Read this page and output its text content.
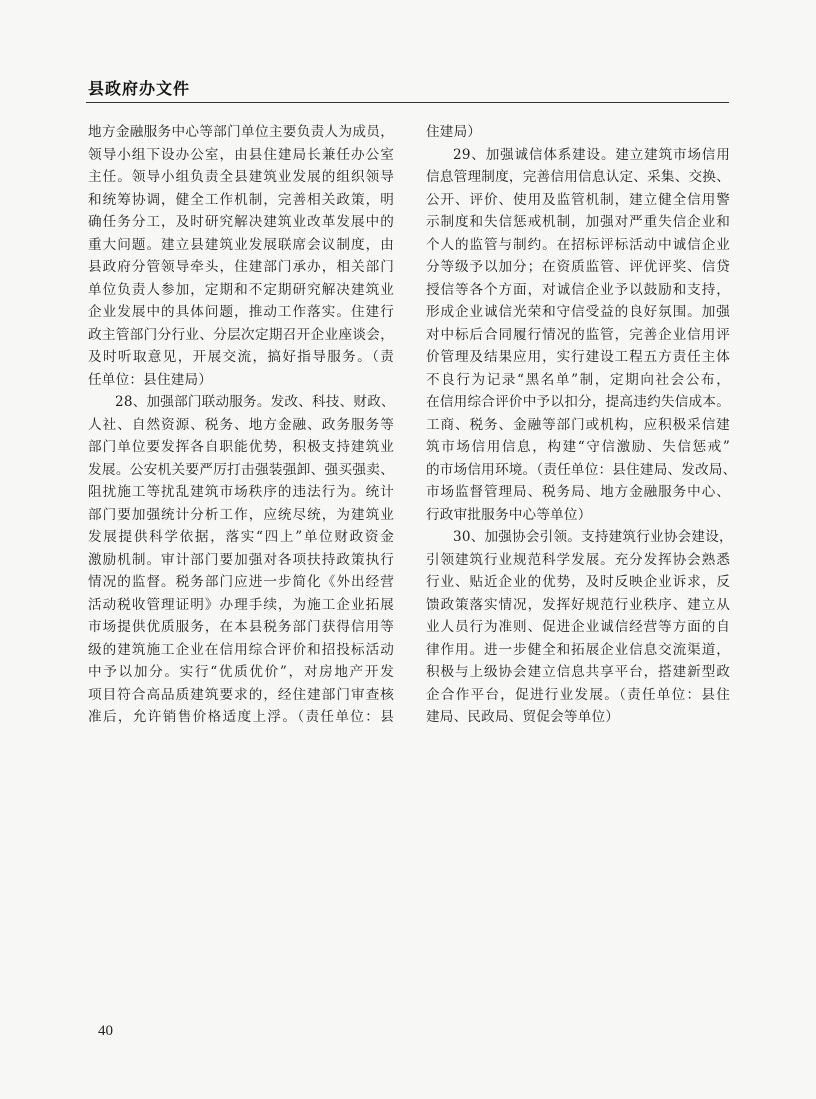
县政府办文件
地方金融服务中心等部门单位主要负责人为成员，
领导小组下设办公室，由县住建局长兼任办公室
主任。领导小组负责全县建筑业发展的组织领导
和统筹协调，健全工作机制，完善相关政策，明
确任务分工，及时研究解决建筑业改革发展中的
重大问题。建立县建筑业发展联席会议制度，由
县政府分管领导牵头，住建部门承办，相关部门
单位负责人参加，定期和不定期研究解决建筑业
企业发展中的具体问题，推动工作落实。住建行
政主管部门分行业、分层次定期召开企业座谈会，
及时听取意见，开展交流，搞好指导服务。（责
任单位：县住建局）
28、加强部门联动服务。发改、科技、财政、
人社、自然资源、税务、地方金融、政务服务等
部门单位要发挥各自职能优势，积极支持建筑业
发展。公安机关要严厉打击强装强卸、强买强卖、
阻扰施工等扰乱建筑市场秩序的违法行为。统计
部门要加强统计分析工作，应统尽统，为建筑业
发展提供科学依据，落实“四上”单位财政资金
激励机制。审计部门要加强对各项扶持政策执行
情况的监督。税务部门应进一步简化《外出经营
活动税收管理证明》办理手续，为施工企业拓展
市场提供优质服务，在本县税务部门获得信用等
级的建筑施工企业在信用综合评价和招投标活动
中予以加分。实行“优质优价”，对房地产开发
项目符合高品质建筑要求的，经住建部门审查核
准后，允许销售价格适度上浮。（责任单位：县
住建局）
29、加强诚信体系建设。建立建筑市场信用
信息管理制度，完善信用信息认定、采集、交换、
公开、评价、使用及监管机制，建立健全信用警
示制度和失信惩戒机制，加强对严重失信企业和
个人的监管与制约。在招标评标活动中诚信企业
分等级予以加分；在资质监管、评优评奖、信贷
授信等各个方面，对诚信企业予以鼓励和支持，
形成企业诚信光荣和守信受益的良好氛围。加强
对中标后合同履行情况的监管，完善企业信用评
价管理及结果应用，实行建设工程五方责任主体
不良行为记录“黑名单”制，定期向社会公布，
在信用综合评价中予以扣分，提高违约失信成本。
工商、税务、金融等部门或机构，应积极采信建
筑市场信用信息，构建“守信激励、失信惩戒”
的市场信用环境。（责任单位：县住建局、发改局、
市场监督管理局、税务局、地方金融服务中心、
行政审批服务中心等单位）
30、加强协会引领。支持建筑行业协会建设，
引领建筑行业规范科学发展。充分发挥协会熟悉
行业、贴近企业的优势，及时反映企业诉求，反
馈政策落实情况，发挥好规范行业秩序、建立从
业人员行为准则、促进企业诚信经营等方面的自
律作用。进一步健全和拓展企业信息交流渠道，
积极与上级协会建立信息共享平台，搭建新型政
企合作平台，促进行业发展。（责任单位：县住
建局、民政局、贸促会等单位）
40
